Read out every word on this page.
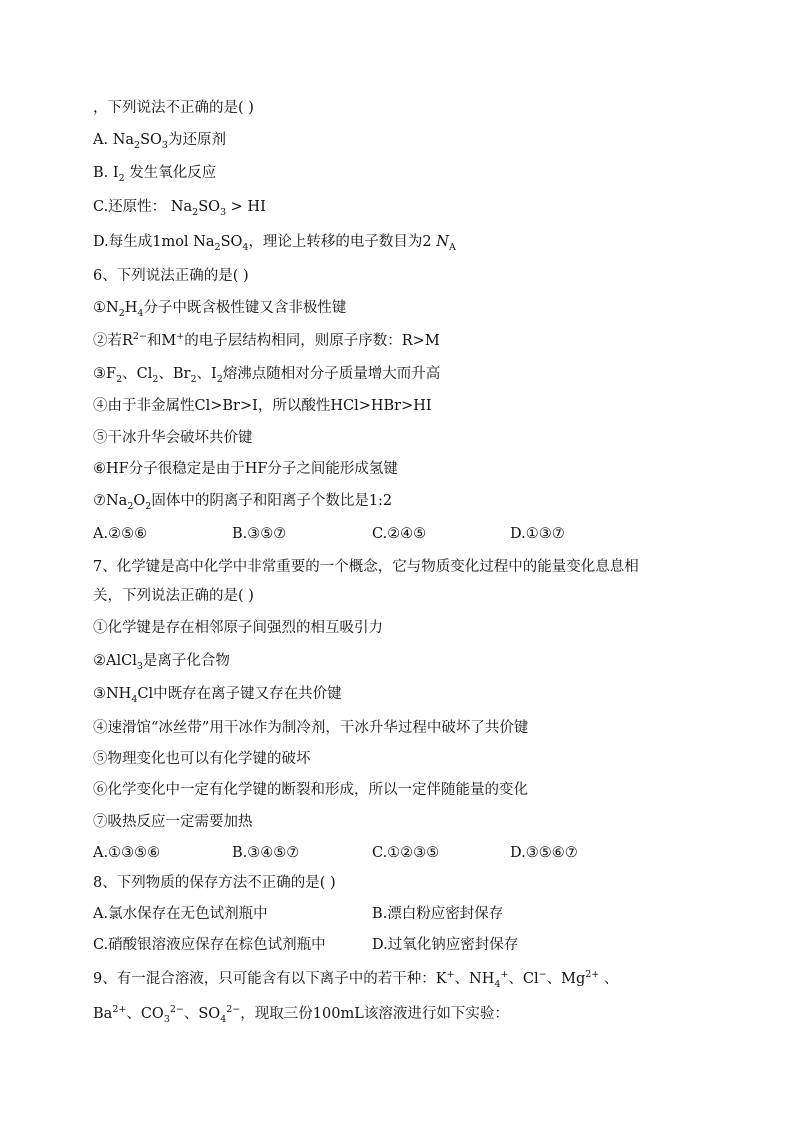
，下列说法不正确的是( )
A. $Na_2SO_3$为还原剂
B. $I_2$ 发生氧化反应
C.还原性： $Na_2SO_3$ > HI
D.每生成1mol $Na_2SO_4$，理论上转移的电子数目为2 $N_A$
6、下列说法正确的是( )
$①N_2H_4$分子中既含极性键又含非极性键
②若$R^{2-}$和M+的电子层结构相同，则原子序数：R>M
$③F_2$、$Cl_2$、$Br_2$、$I_2$熔沸点随相对分子质量增大而升高
④由于非金属性Cl>Br>I，所以酸性HCl>HBr>HI
⑤干冰升华会破坏共价键
⑥HF分子很稳定是由于HF分子之间能形成氢键
$⑦Na_2O_2$固体中的阴离子和阳离子个数比是1:2
A.②⑤⑥	B.③⑤⑦	C.②④⑤	D.①③⑦
7、化学键是高中化学中非常重要的一个概念，它与物质变化过程中的能量变化息息相
关，下列说法正确的是( )
①化学键是存在相邻原子间强烈的相互吸引力
②AlCl$_3$是离子化合物
$③NH_4Cl$中既存在离子键又存在共价键
④速滑馆“冰丝带”用干冰作为制冷剂，干冰升华过程中破坏了共价键
⑤物理变化也可以有化学键的破坏
⑥化学变化中一定有化学键的断裂和形成，所以一定伴随能量的变化
⑦吸热反应一定需要加热
A.①③⑤⑥	B.③④⑤⑦	C.①②③⑤	D.③⑤⑥⑦
8、下列物质的保存方法不正确的是( )
A.氯水保存在无色试剂瓶中	B.漂白粉应密封保存
C.硝酸银溶液应保存在棕色试剂瓶中	D.过氧化钠应密封保存
9、有一混合溶液，只可能含有以下离子中的若干种：K+、$NH_4^+$、Cl−、$Mg^{2+}$ 、
$Ba^{2+}$、$CO_3^{2-}$、$SO_4^{2-}$，现取三份100mL该溶液进行如下实验：
